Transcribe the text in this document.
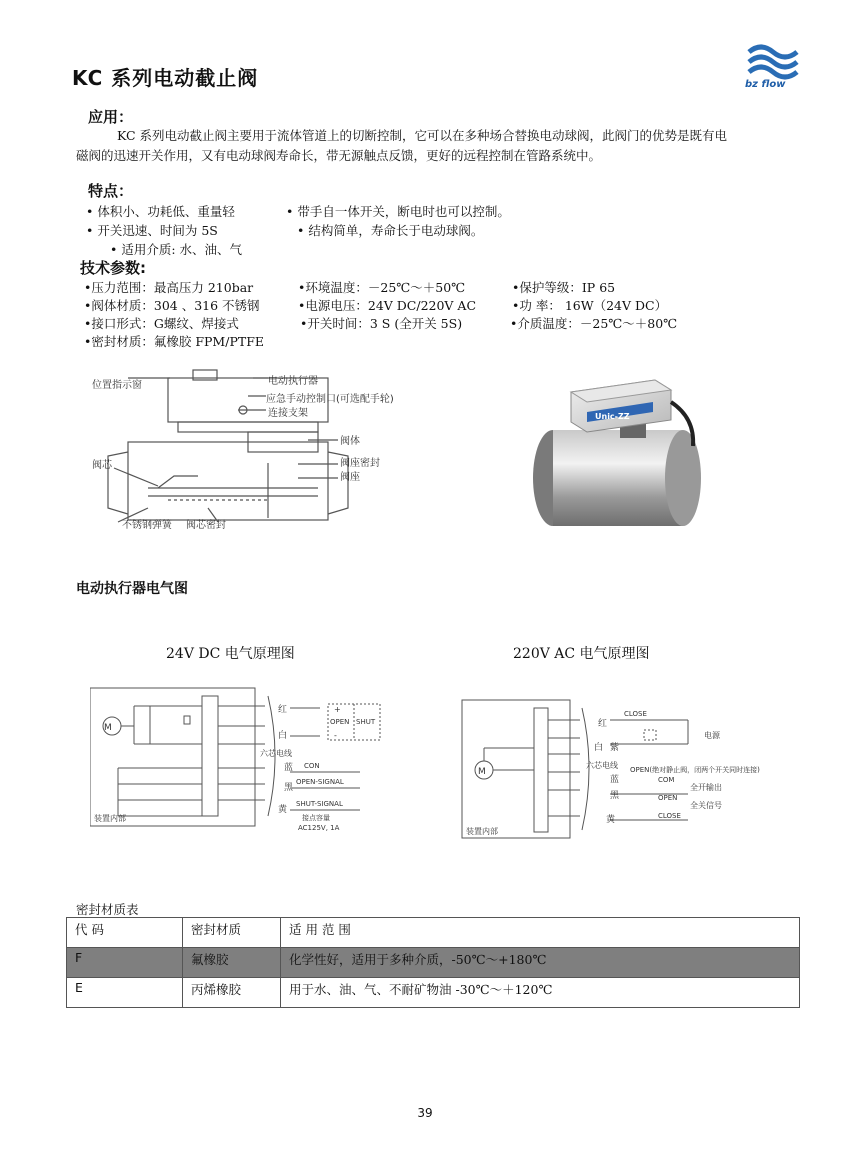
KC 系列电动截止阀	bz flow
应用：
KC 系列电动截止阀主要用于流体管道上的切断控制，它可以在多种场合替换电动球阀，此阀门的优势是既有电
磁阀的迅速开关作用，又有电动球阀寿命长，带无源触点反馈，更好的远程控制在管路系统中。
特点：
• 体积小、功耗低、重量轻	• 带手自一体开关，断电时也可以控制。
• 开关迅速、时间为 5S	• 结构简单，寿命长于电动球阀。
• 适用介质: 水、油、气
技术参数:
•压力范围：最高压力 210bar	•环境温度：－25℃～＋50℃	•保护等级：IP 65
•阀体材质：304 、316 不锈钢	•电源电压：24V DC/220V AC	•功 率： 16W（24V DC）
•接口形式：G螺纹、焊接式	•开关时间：3 S (全开关 5S)	•介质温度：－25℃～＋80℃
•密封材质：氟橡胶 FPM/PTFE
位置指示窗	电动执行器
应急手动控制口(可选配手轮)
连接支架
阀体
阀座密封
阀座
阀芯
不锈钢弹簧 阀芯密封
Unic-ZZ
电动执行器电气图
24V DC 电气原理图	220V AC 电气原理图
M
红
白
蓝
黑
黄
六芯电线
OPEN SHUT
+
-
CON
OPEN-SIGNAL
SHUT-SIGNAL
接点容量
AC125V, 1A
装置内部
M
红
白 紫
蓝
黑
黄
六芯电线
CLOSE
OPEN(绝对静止阀，闭两个开关同时连接)
COM
OPEN
CLOSE
电源
全开 输出
全关 信号
装置内部
密封材质表
代 码	密封材质	适 用 范 围
F	氟橡胶	化学性好，适用于多种介质，-50℃～+180℃
E	丙烯橡胶	用于水、油、气、不耐矿物油 -30℃～＋120℃
39
